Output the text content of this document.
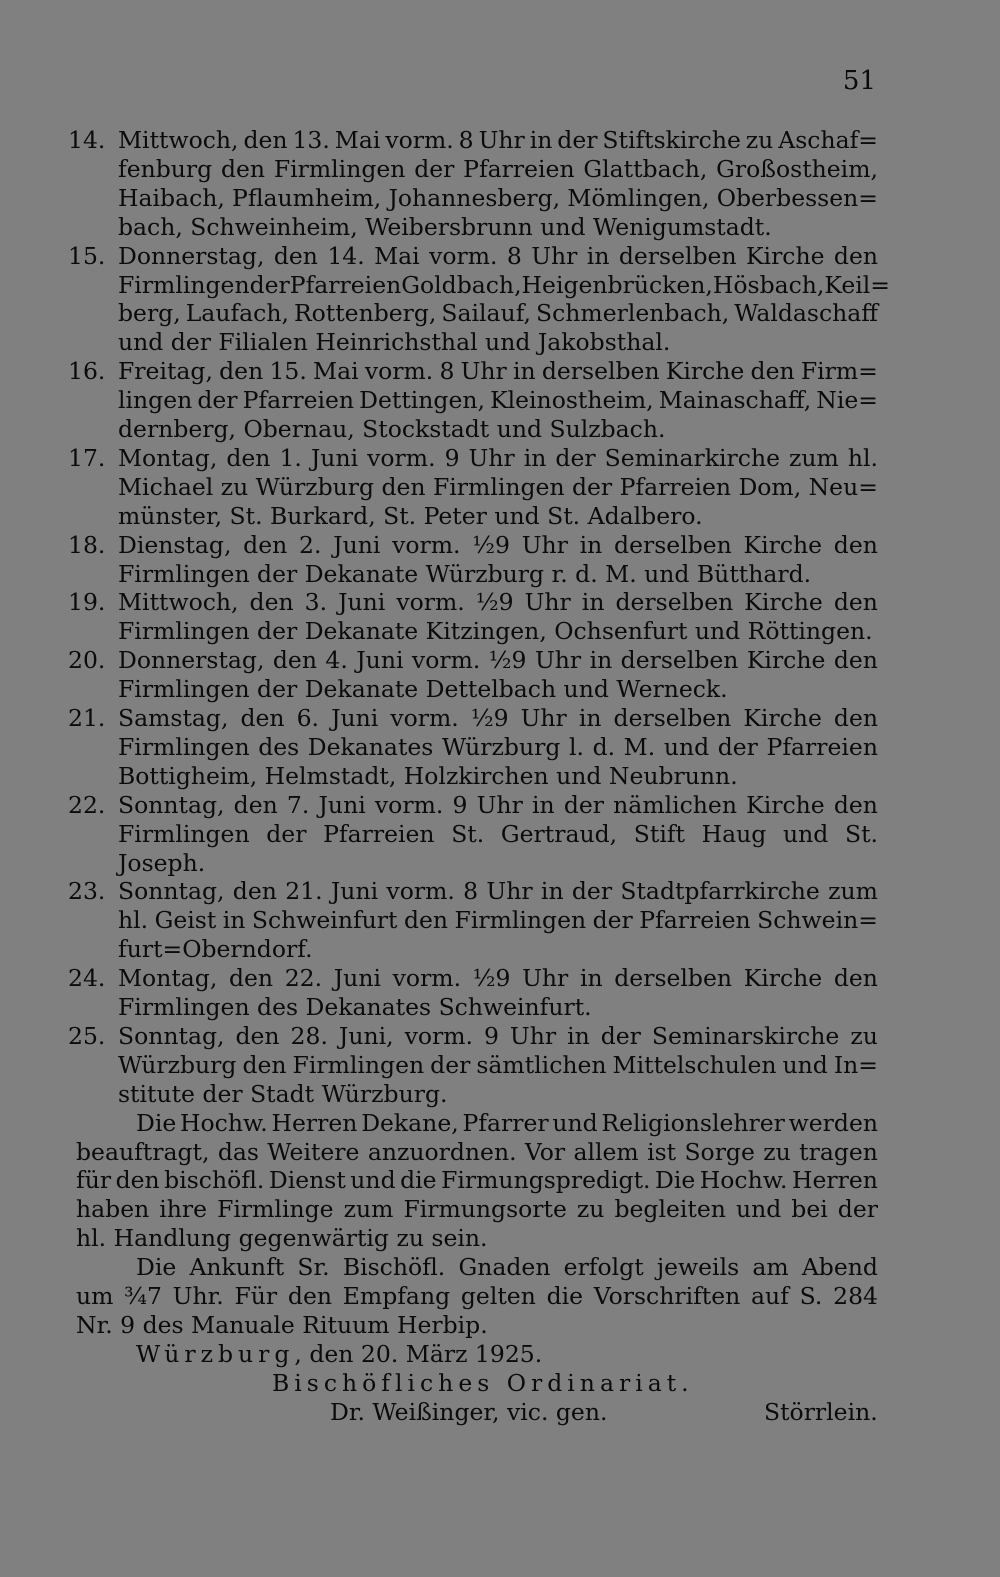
51
14. Mittwoch, den 13. Mai vorm. 8 Uhr in der Stiftskirche zu Aschaf=
fenburg den Firmlingen der Pfarreien Glattbach, Großostheim,
Haibach, Pflaumheim, Johannesberg, Mömlingen, Oberbessen=
bach, Schweinheim, Weibersbrunn und Wenigumstadt.
15. Donnerstag, den 14. Mai vorm. 8 Uhr in derselben Kirche den
Firmlingen der Pfarreien Goldbach, Heigenbrücken, Hösbach, Keil=
berg, Laufach, Rottenberg, Sailauf, Schmerlenbach, Waldaschaff
und der Filialen Heinrichsthal und Jakobsthal.
16. Freitag, den 15. Mai vorm. 8 Uhr in derselben Kirche den Firm=
lingen der Pfarreien Dettingen, Kleinostheim, Mainaschaff, Nie=
dernberg, Obernau, Stockstadt und Sulzbach.
17. Montag, den 1. Juni vorm. 9 Uhr in der Seminarkirche zum hl.
Michael zu Würzburg den Firmlingen der Pfarreien Dom, Neu=
münster, St. Burkard, St. Peter und St. Adalbero.
18. Dienstag, den 2. Juni vorm. ½9 Uhr in derselben Kirche den
Firmlingen der Dekanate Würzburg r. d. M. und Bütthard.
19. Mittwoch, den 3. Juni vorm. ½9 Uhr in derselben Kirche den
Firmlingen der Dekanate Kitzingen, Ochsenfurt und Röttingen.
20. Donnerstag, den 4. Juni vorm. ½9 Uhr in derselben Kirche den
Firmlingen der Dekanate Dettelbach und Werneck.
21. Samstag, den 6. Juni vorm. ½9 Uhr in derselben Kirche den
Firmlingen des Dekanates Würzburg l. d. M. und der Pfarreien
Bottigheim, Helmstadt, Holzkirchen und Neubrunn.
22. Sonntag, den 7. Juni vorm. 9 Uhr in der nämlichen Kirche den
Firmlingen der Pfarreien St. Gertraud, Stift Haug und St.
Joseph.
23. Sonntag, den 21. Juni vorm. 8 Uhr in der Stadtpfarrkirche zum
hl. Geist in Schweinfurt den Firmlingen der Pfarreien Schwein=
furt=Oberndorf.
24. Montag, den 22. Juni vorm. ½9 Uhr in derselben Kirche den
Firmlingen des Dekanates Schweinfurt.
25. Sonntag, den 28. Juni, vorm. 9 Uhr in der Seminarskirche zu
Würzburg den Firmlingen der sämtlichen Mittelschulen und In=
stitute der Stadt Würzburg.
Die Hochw. Herren Dekane, Pfarrer und Religionslehrer werden
beauftragt, das Weitere anzuordnen. Vor allem ist Sorge zu tragen
für den bischöfl. Dienst und die Firmungspredigt. Die Hochw. Herren
haben ihre Firmlinge zum Firmungsorte zu begleiten und bei der
hl. Handlung gegenwärtig zu sein.
Die Ankunft Sr. Bischöfl. Gnaden erfolgt jeweils am Abend
um ¾7 Uhr. Für den Empfang gelten die Vorschriften auf S. 284
Nr. 9 des Manuale Rituum Herbip.
Würzburg, den 20. März 1925.
Bischöfliches Ordinariat.
Dr. Weißinger, vic. gen.	Störrlein.
